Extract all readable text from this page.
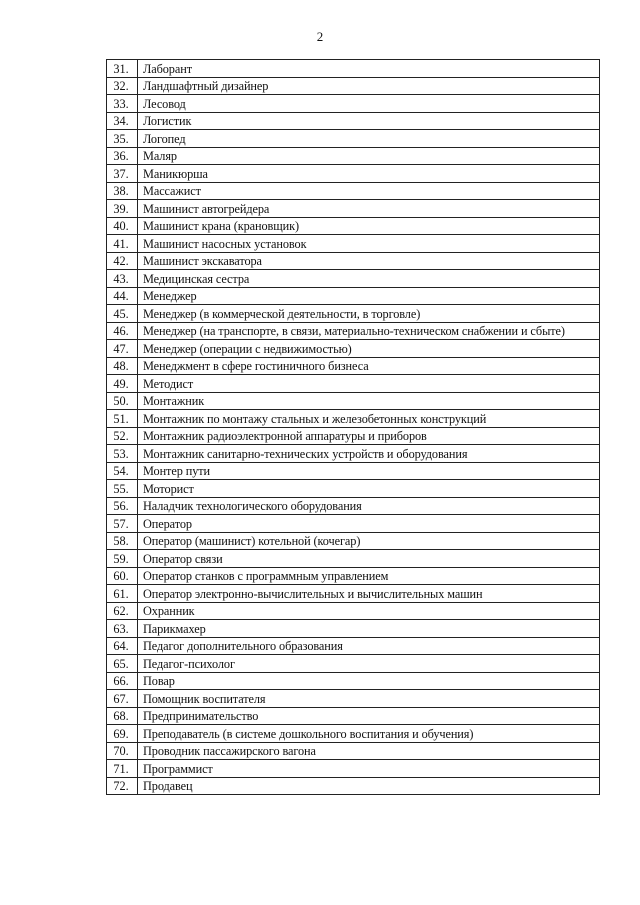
2
31.	Лаборант
32.	Ландшафтный дизайнер
33.	Лесовод
34.	Логистик
35.	Логопед
36.	Маляр
37.	Маникюрша
38.	Массажист
39.	Машинист автогрейдера
40.	Машинист крана (крановщик)
41.	Машинист насосных установок
42.	Машинист экскаватора
43.	Медицинская сестра
44.	Менеджер
45.	Менеджер (в коммерческой деятельности, в торговле)
46.	Менеджер (на транспорте, в связи, материально-техническом снабжении и сбыте)
47.	Менеджер (операции с недвижимостью)
48.	Менеджмент в сфере гостиничного бизнеса
49.	Методист
50.	Монтажник
51.	Монтажник по монтажу стальных и железобетонных конструкций
52.	Монтажник радиоэлектронной аппаратуры и приборов
53.	Монтажник санитарно-технических устройств и оборудования
54.	Монтер пути
55.	Моторист
56.	Наладчик технологического оборудования
57.	Оператор
58.	Оператор (машинист) котельной (кочегар)
59.	Оператор связи
60.	Оператор станков с программным управлением
61.	Оператор электронно-вычислительных и вычислительных машин
62.	Охранник
63.	Парикмахер
64.	Педагог дополнительного образования
65.	Педагог-психолог
66.	Повар
67.	Помощник воспитателя
68.	Предпринимательство
69.	Преподаватель (в системе дошкольного воспитания и обучения)
70.	Проводник пассажирского вагона
71.	Программист
72.	Продавец
